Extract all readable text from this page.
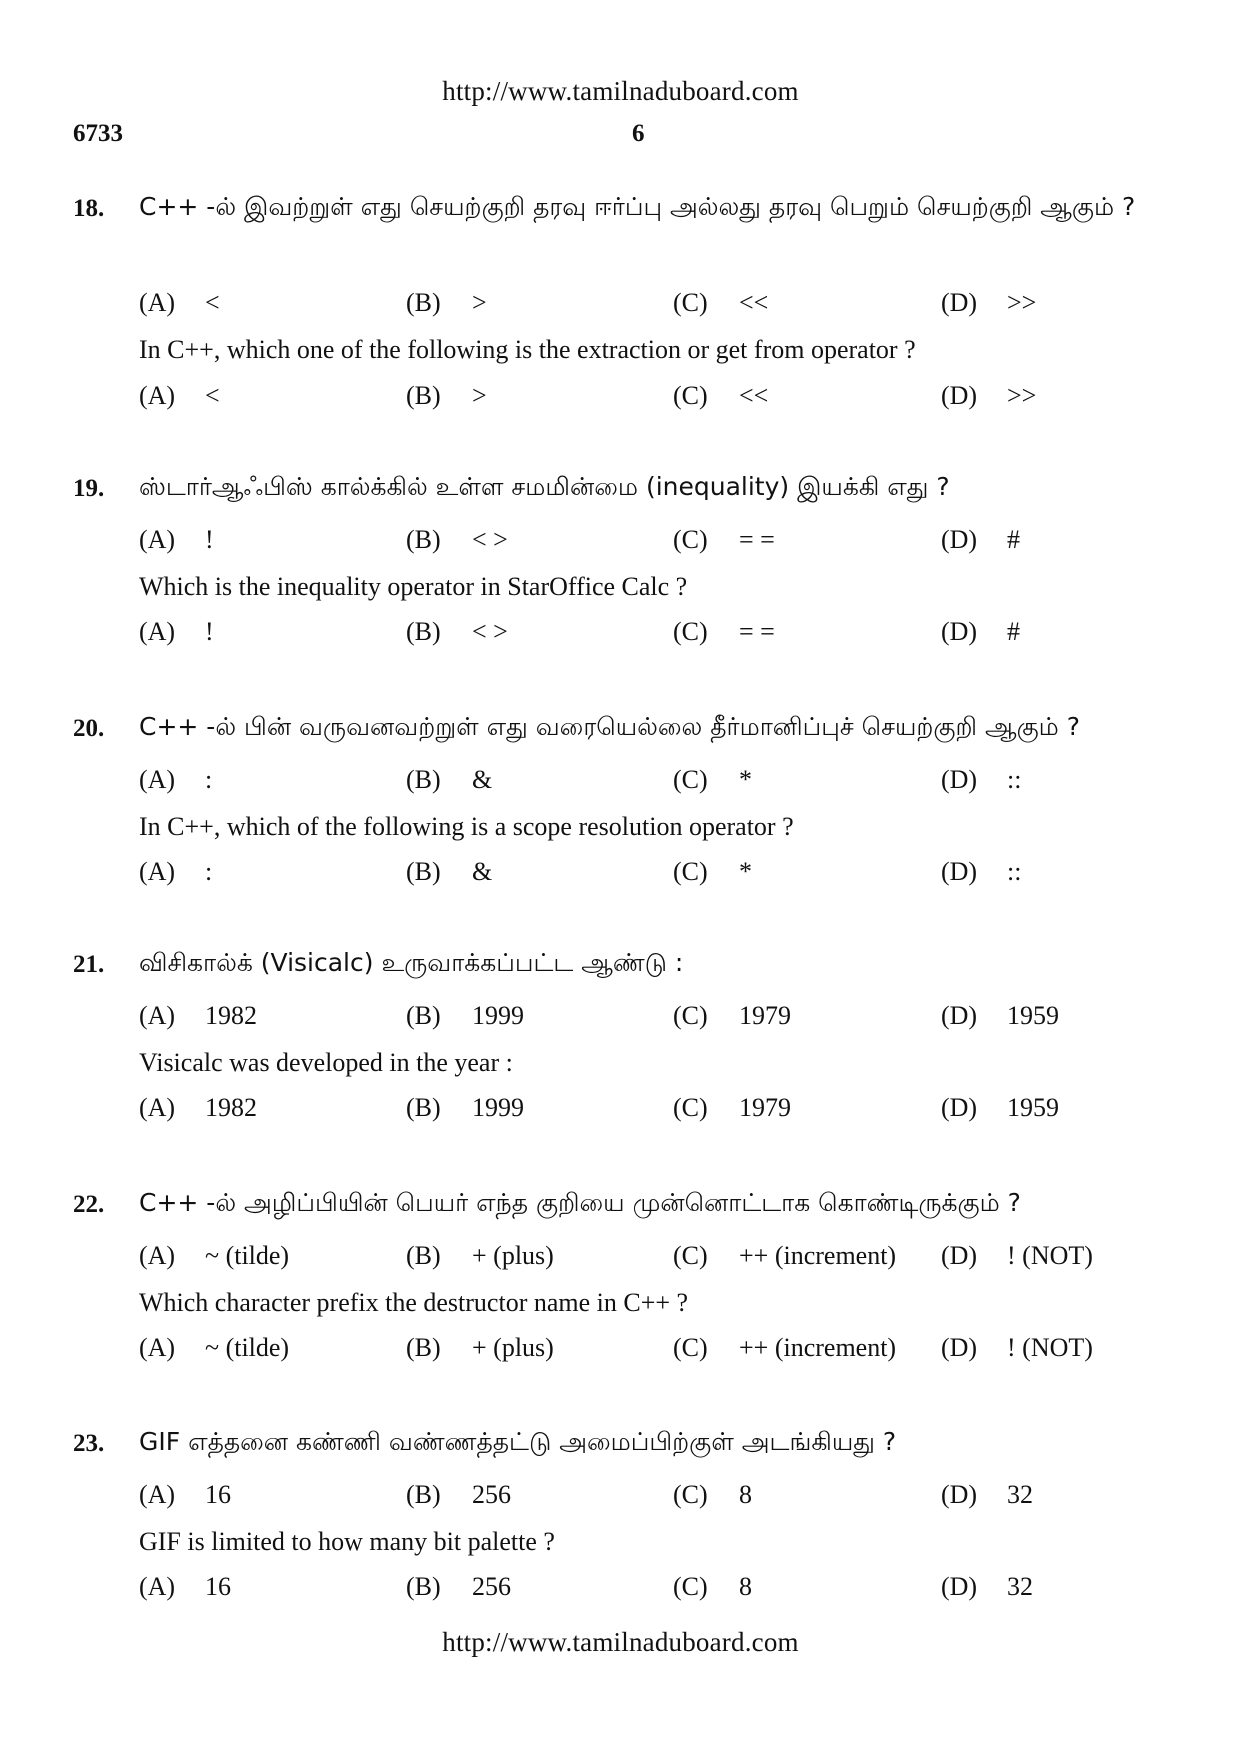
http://www.tamilnaduboard.com
6733	6
18. C++ -ல் இவற்றுள் எது செயற்குறி தரவு ஈர்ப்பு அல்லது தரவு பெறும் செயற்குறி ஆகும் ?
(A) <	(B) >	(C) <<	(D) >>
In C++, which one of the following is the extraction or get from operator ?
(A) <	(B) >	(C) <<	(D) >>
19. ஸ்டார்ஆஃபிஸ் கால்க்கில் உள்ள சமமின்மை (inequality) இயக்கி எது ?
(A) !	(B) < >	(C) = =	(D) #
Which is the inequality operator in StarOffice Calc ?
(A) !	(B) < >	(C) = =	(D) #
20. C++ -ல் பின் வருவனவற்றுள் எது வரையெல்லை தீர்மானிப்புச் செயற்குறி ஆகும் ?
(A) :	(B) &	(C) *	(D) ::
In C++, which of the following is a scope resolution operator ?
(A) :	(B) &	(C) *	(D) ::
21. விசிகால்க் (Visicalc) உருவாக்கப்பட்ட ஆண்டு :
(A) 1982	(B) 1999	(C) 1979	(D) 1959
Visicalc was developed in the year :
(A) 1982	(B) 1999	(C) 1979	(D) 1959
22. C++ -ல் அழிப்பியின் பெயர் எந்த குறியை முன்னொட்டாக கொண்டிருக்கும் ?
(A) ~ (tilde)	(B) + (plus)	(C) ++ (increment) (D) ! (NOT)
Which character prefix the destructor name in C++ ?
(A) ~ (tilde)	(B) + (plus)	(C) ++ (increment) (D) ! (NOT)
23. GIF எத்தனை கண்ணி வண்ணத்தட்டு அமைப்பிற்குள் அடங்கியது ?
(A) 16	(B) 256	(C) 8	(D) 32
GIF is limited to how many bit palette ?
(A) 16	(B) 256	(C) 8	(D) 32
http://www.tamilnaduboard.com
